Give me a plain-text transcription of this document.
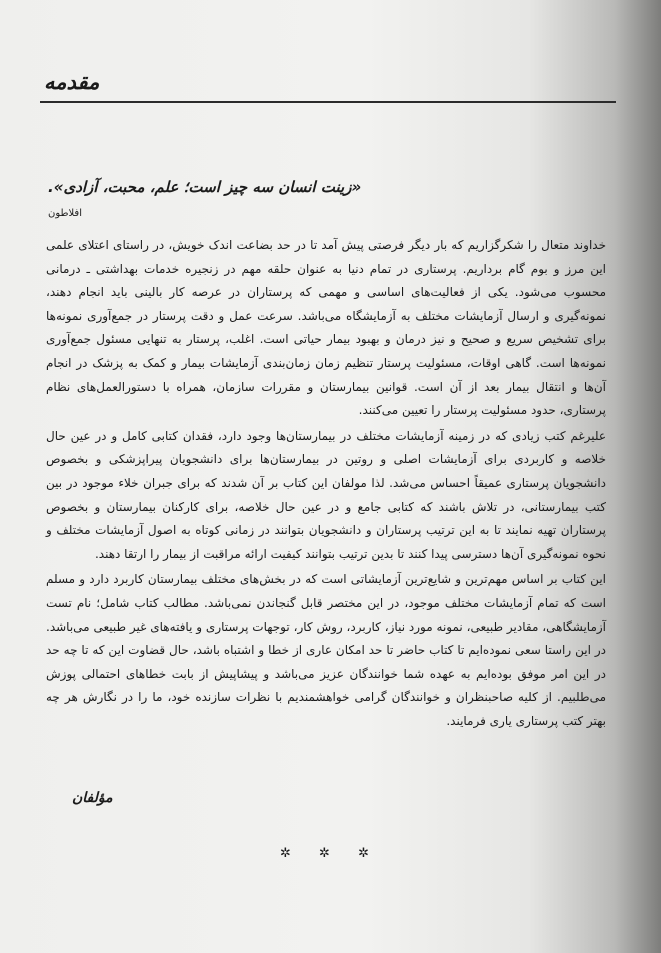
مقدمه
«زینت انسان سه چیز است؛ علم، محبت، آزادی».
افلاطون

خداوند متعال را شکرگزاریم که بار دیگر فرصتی پیش آمد تا در حد بضاعت اندک خویش، در راستای اعتلای علمی این مرز و بوم گام برداریم. پرستاری در تمام دنیا به عنوان حلقه مهم در زنجیره خدمات بهداشتی ـ درمانی محسوب می‌شود. یکی از فعالیت‌های اساسی و مهمی که پرستاران در عرصه کار بالینی باید انجام دهند، نمونه‌گیری و ارسال آزمایشات مختلف به آزمایشگاه می‌باشد. سرعت عمل و دقت پرستار در جمع‌آوری نمونه‌ها برای تشخیص سریع و صحیح و نیز درمان و بهبود بیمار حیاتی است. اغلب، پرستار به تنهایی مسئول جمع‌آوری نمونه‌ها است. گاهی اوقات، مسئولیت پرستار تنظیم زمان زمان‌بندی آزمایشات بیمار و کمک به پزشک در انجام آن‌ها و انتقال بیمار بعد از آن است. قوانین بیمارستان و مقررات سازمان، همراه با دستورالعمل‌های نظام پرستاری، حدود مسئولیت پرستار را تعیین می‌کنند.

علیرغم کتب زیادی که در زمینه آزمایشات مختلف در بیمارستان‌ها وجود دارد، فقدان کتابی کامل و در عین حال خلاصه و کاربردی برای آزمایشات اصلی و روتین در بیمارستان‌ها برای دانشجویان پیراپزشکی و بخصوص دانشجویان پرستاری عمیقاً احساس می‌شد. لذا مولفان این کتاب بر آن شدند که برای جبران خلاء موجود در بین کتب بیمارستانی، در تلاش باشند که کتابی جامع و در عین حال خلاصه، برای کارکنان بیمارستان و بخصوص پرستاران تهیه نمایند تا به این ترتیب پرستاران و دانشجویان بتوانند در زمانی کوتاه به اصول آزمایشات مختلف و نحوه نمونه‌گیری آن‌ها دسترسی پیدا کنند تا بدین ترتیب بتوانند کیفیت ارائه مراقبت از بیمار را ارتقا دهند.

این کتاب بر اساس مهم‌ترین و شایع‌ترین آزمایشاتی است که در بخش‌های مختلف بیمارستان کاربرد دارد و مسلم است که تمام آزمایشات مختلف موجود، در این مختصر قابل گنجاندن نمی‌باشد. مطالب کتاب شامل؛ نام تست آزمایشگاهی، مقادیر طبیعی، نمونه مورد نیاز، کاربرد، روش کار، توجهات پرستاری و یافته‌های غیر طبیعی می‌باشد. در این راستا سعی نموده‌ایم تا کتاب حاضر تا حد امکان عاری از خطا و اشتباه باشد، حال قضاوت این که تا چه حد در این امر موفق بوده‌ایم به عهده شما خوانندگان عزیز می‌باشد و پیشاپیش از بابت خطاهای احتمالی پوزش می‌طلبیم. از کلیه صاحبنظران و خوانندگان گرامی خواهشمندیم با نظرات سازنده خود، ما را در نگارش هر چه بهتر کتب پرستاری یاری فرمایند.

مؤلفان
✲ ✲ ✲
